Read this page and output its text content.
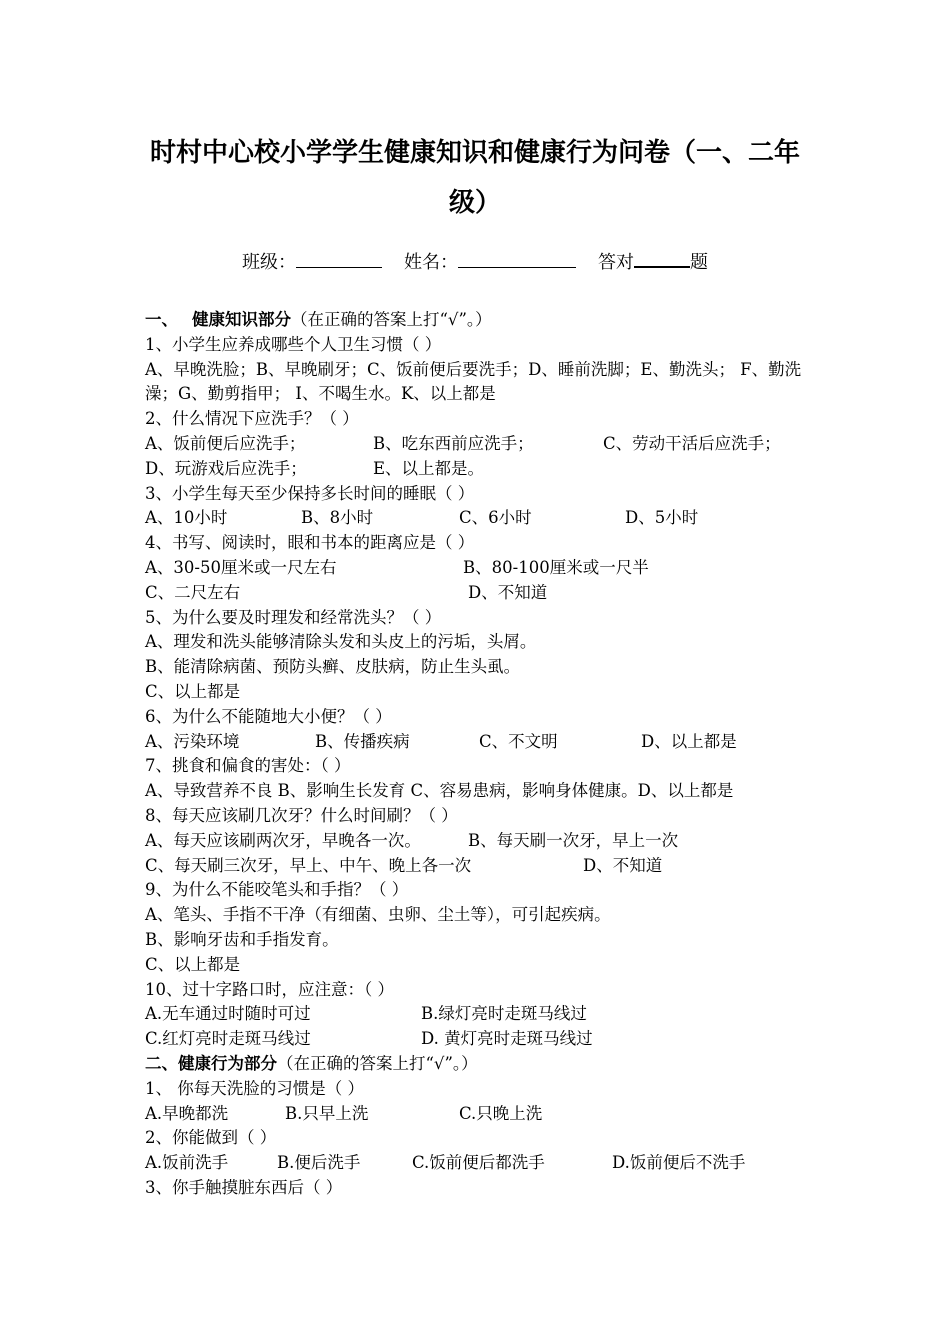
时村中心校小学学生健康知识和健康行为问卷（一、二年
级）
班级：	姓名：	答对	题
一、 健康知识部分（在正确的答案上打“√”。）
1、小学生应养成哪些个人卫生习惯（ ）
A、早晚洗脸；B、早晚刷牙；C、饭前便后要洗手；D、睡前洗脚；E、勤洗头； F、勤洗澡；G、勤剪指甲； I、不喝生水。K、以上都是
2、什么情况下应洗手？（ ）
A、饭前便后应洗手；	B、吃东西前应洗手；	C、劳动干活后应洗手；
D、玩游戏后应洗手；	E、以上都是。
3、小学生每天至少保持多长时间的睡眠（ ）
A、10小时	B、8小时	C、6小时	D、5小时
4、书写、阅读时，眼和书本的距离应是（ ）
A、30-50厘米或一尺左右	B、80-100厘米或一尺半
C、二尺左右	D、不知道
5、为什么要及时理发和经常洗头？（ ）
A、理发和洗头能够清除头发和头皮上的污垢，头屑。
B、能清除病菌、预防头癣、皮肤病，防止生头虱。
C、以上都是
6、为什么不能随地大小便？（ ）
A、污染环境	B、传播疾病	C、不文明	D、以上都是
7、挑食和偏食的害处：（ ）
A、导致营养不良 B、影响生长发育 C、容易患病，影响身体健康。D、以上都是
8、每天应该刷几次牙？什么时间刷？（ ）
A、每天应该刷两次牙，早晚各一次。	B、每天刷一次牙，早上一次
C、每天刷三次牙，早上、中午、晚上各一次	D、不知道
9、为什么不能咬笔头和手指？（ ）
A、笔头、手指不干净（有细菌、虫卵、尘土等），可引起疾病。
B、影响牙齿和手指发育。
C、以上都是
10、过十字路口时，应注意：（ ）
A.无车通过时随时可过	B.绿灯亮时走斑马线过
C.红灯亮时走斑马线过	D. 黄灯亮时走斑马线过
二、健康行为部分（在正确的答案上打“√”。）
1、 你每天洗脸的习惯是（ ）
A.早晚都洗	B.只早上洗	C.只晚上洗
2、你能做到（ ）
A.饭前洗手	B.便后洗手	C.饭前便后都洗手	D.饭前便后不洗手
3、你手触摸脏东西后（ ）
